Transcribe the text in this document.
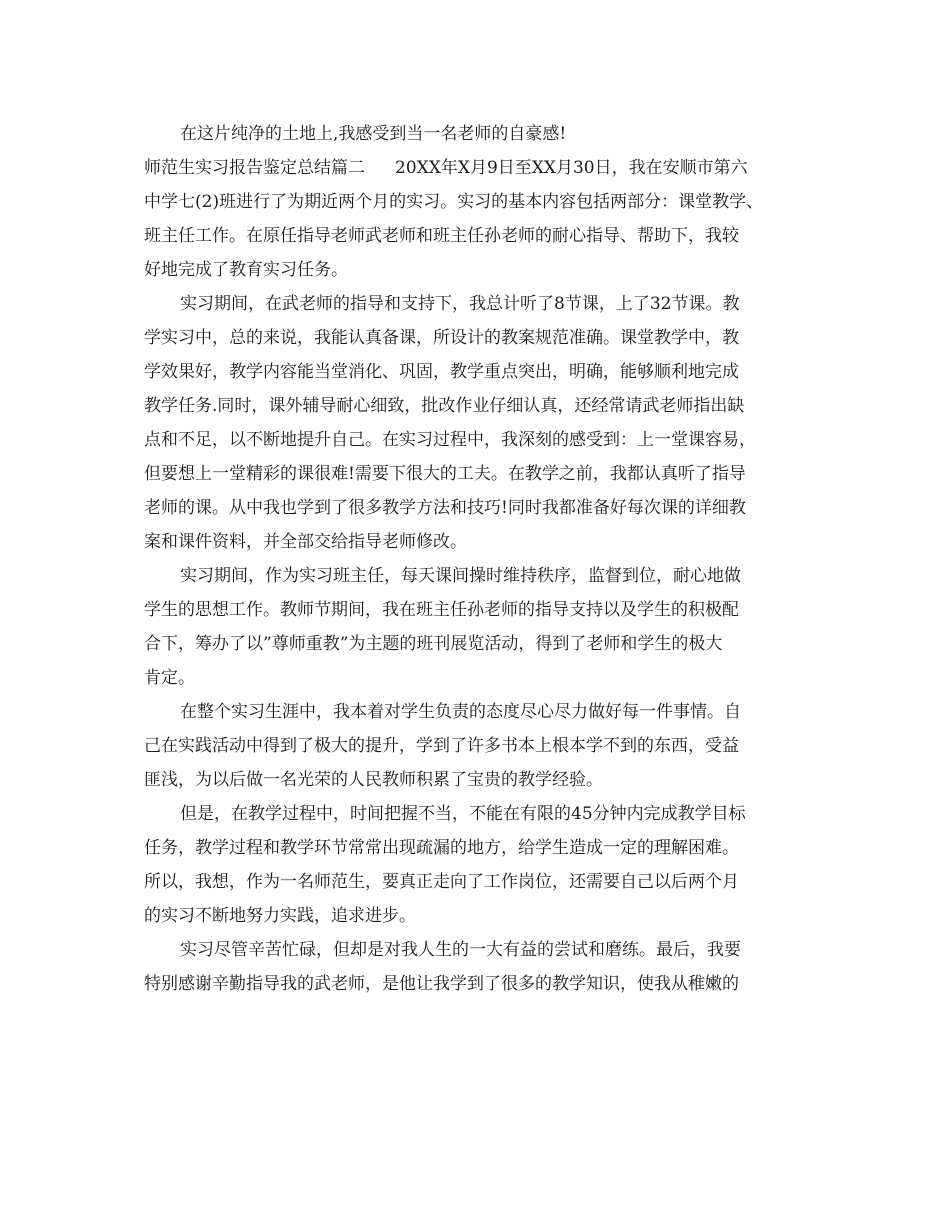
在这片纯净的土地上,我感受到当一名老师的自豪感!
师范生实习报告鉴定总结篇二 20XX年X月9日至XX月30日，我在安顺市第六
中学七(2)班进行了为期近两个月的实习。实习的基本内容包括两部分：课堂教学、
班主任工作。在原任指导老师武老师和班主任孙老师的耐心指导、帮助下，我较
好地完成了教育实习任务。
实习期间，在武老师的指导和支持下，我总计听了8节课，上了32节课。教
学实习中，总的来说，我能认真备课，所设计的教案规范准确。课堂教学中，教
学效果好，教学内容能当堂消化、巩固，教学重点突出，明确，能够顺利地完成
教学任务.同时，课外辅导耐心细致，批改作业仔细认真，还经常请武老师指出缺
点和不足，以不断地提升自己。在实习过程中，我深刻的感受到：上一堂课容易，
但要想上一堂精彩的课很难!需要下很大的工夫。在教学之前，我都认真听了指导
老师的课。从中我也学到了很多教学方法和技巧!同时我都准备好每次课的详细教
案和课件资料，并全部交给指导老师修改。
实习期间，作为实习班主任，每天课间操时维持秩序，监督到位，耐心地做
学生的思想工作。教师节期间，我在班主任孙老师的指导支持以及学生的积极配
合下，筹办了以”尊师重教”为主题的班刊展览活动，得到了老师和学生的极大
肯定。
在整个实习生涯中，我本着对学生负责的态度尽心尽力做好每一件事情。自
己在实践活动中得到了极大的提升，学到了许多书本上根本学不到的东西，受益
匪浅，为以后做一名光荣的人民教师积累了宝贵的教学经验。
但是，在教学过程中，时间把握不当，不能在有限的45分钟内完成教学目标
任务，教学过程和教学环节常常出现疏漏的地方，给学生造成一定的理解困难。
所以，我想，作为一名师范生，要真正走向了工作岗位，还需要自己以后两个月
的实习不断地努力实践，追求进步。
实习尽管辛苦忙碌，但却是对我人生的一大有益的尝试和磨练。最后，我要
特别感谢辛勤指导我的武老师，是他让我学到了很多的教学知识，使我从稚嫩的
